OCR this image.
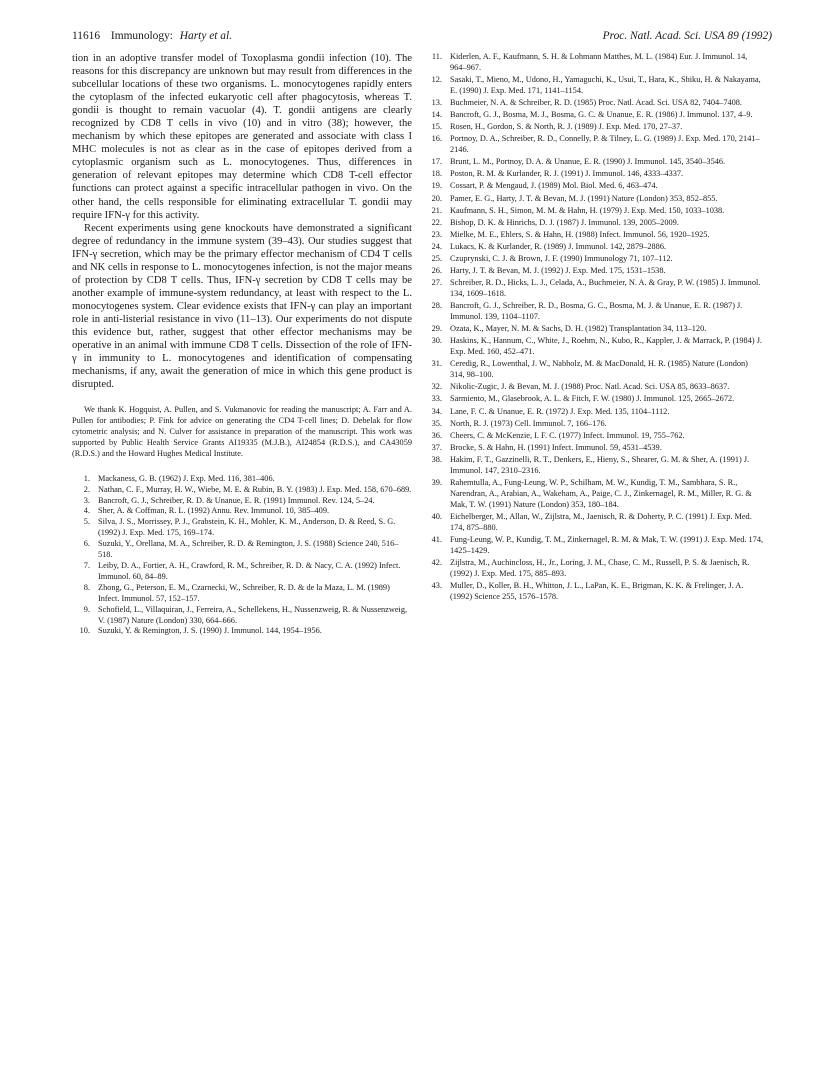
11616 Immunology: Harty et al.	Proc. Natl. Acad. Sci. USA 89 (1992)

tion in an adoptive transfer model of Toxoplasma gondii infection (10). The reasons for this discrepancy are unknown but may result from differences in the subcellular locations of these two organisms. L. monocytogenes rapidly enters the cytoplasm of the infected eukaryotic cell after phagocytosis, whereas T. gondii is thought to remain vacuolar (4). T. gondii antigens are clearly recognized by CD8 T cells in vivo (10) and in vitro (38); however, the mechanism by which these epitopes are generated and associate with class I MHC molecules is not as clear as in the case of epitopes derived from a cytoplasmic organism such as L. monocytogenes. Thus, differences in generation of relevant epitopes may determine which CD8 T-cell effector functions can protect against a specific intracellular pathogen in vivo. On the other hand, the cells responsible for eliminating extracellular T. gondii may require IFN-γ for this activity.

Recent experiments using gene knockouts have demonstrated a significant degree of redundancy in the immune system (39–43). Our studies suggest that IFN-γ secretion, which may be the primary effector mechanism of CD4 T cells and NK cells in response to L. monocytogenes infection, is not the major means of protection by CD8 T cells. Thus, IFN-γ secretion by CD8 T cells may be another example of immune-system redundancy, at least with respect to the L. monocytogenes system. Clear evidence exists that IFN-γ can play an important role in anti-listerial resistance in vivo (11–13). Our experiments do not dispute this evidence but, rather, suggest that other effector mechanisms may be operative in an animal with immune CD8 T cells. Dissection of the role of IFN-γ in immunity to L. monocytogenes and identification of compensating mechanisms, if any, await the generation of mice in which this gene product is disrupted.

We thank K. Hogquist, A. Pullen, and S. Vukmanovic for reading the manuscript; A. Farr and A. Pullen for antibodies; P. Fink for advice on generating the CD4 T-cell lines; D. Debelak for flow cytometric analysis; and N. Culver for assistance in preparation of the manuscript. This work was supported by Public Health Service Grants AI19335 (M.J.B.), AI24854 (R.D.S.), and CA43059 (R.D.S.) and the Howard Hughes Medical Institute.

1. Mackaness, G. B. (1962) J. Exp. Med. 116, 381–406.
2. Nathan, C. F., Murray, H. W., Wiebe, M. E. & Rubin, B. Y. (1983) J. Exp. Med. 158, 670–689.
3. Bancroft, G. J., Schreiber, R. D. & Unanue, E. R. (1991) Immunol. Rev. 124, 5–24.
4. Sher, A. & Coffman, R. L. (1992) Annu. Rev. Immunol. 10, 385–409.
5. Silva, J. S., Morrissey, P. J., Grabstein, K. H., Mohler, K. M., Anderson, D. & Reed, S. G. (1992) J. Exp. Med. 175, 169–174.
6. Suzuki, Y., Orellana, M. A., Schreiber, R. D. & Remington, J. S. (1988) Science 240, 516–518.
7. Leiby, D. A., Fortier, A. H., Crawford, R. M., Schreiber, R. D. & Nacy, C. A. (1992) Infect. Immunol. 60, 84–89.
8. Zhong, G., Peterson, E. M., Czarnecki, W., Schreiber, R. D. & de la Maza, L. M. (1989) Infect. Immunol. 57, 152–157.
9. Schofield, L., Villaquiran, J., Ferreira, A., Schellekens, H., Nussenzweig, R. & Nussenzweig, V. (1987) Nature (London) 330, 664–666.
10. Suzuki, Y. & Remington, J. S. (1990) J. Immunol. 144, 1954–1956.
11. Kiderlen, A. F., Kaufmann, S. H. & Lohmann Matthes, M. L. (1984) Eur. J. Immunol. 14, 964–967.
12. Sasaki, T., Mieno, M., Udono, H., Yamaguchi, K., Usui, T., Hara, K., Shiku, H. & Nakayama, E. (1990) J. Exp. Med. 171, 1141–1154.
13. Buchmeier, N. A. & Schreiber, R. D. (1985) Proc. Natl. Acad. Sci. USA 82, 7404–7408.
14. Bancroft, G. J., Bosma, M. J., Bosma, G. C. & Unanue, E. R. (1986) J. Immunol. 137, 4–9.
15. Rosen, H., Gordon, S. & North, R. J. (1989) J. Exp. Med. 170, 27–37.
16. Portnoy, D. A., Schreiber, R. D., Connelly, P. & Tilney, L. G. (1989) J. Exp. Med. 170, 2141–2146.
17. Brunt, L. M., Portnoy, D. A. & Unanue, E. R. (1990) J. Immunol. 145, 3540–3546.
18. Poston, R. M. & Kurlander, R. J. (1991) J. Immunol. 146, 4333–4337.
19. Cossart, P. & Mengaud, J. (1989) Mol. Biol. Med. 6, 463–474.
20. Pamer, E. G., Harty, J. T. & Bevan, M. J. (1991) Nature (London) 353, 852–855.
21. Kaufmann, S. H., Simon, M. M. & Hahn, H. (1979) J. Exp. Med. 150, 1033–1038.
22. Bishop, D. K. & Hinrichs, D. J. (1987) J. Immunol. 139, 2005–2009.
23. Mielke, M. E., Ehlers, S. & Hahn, H. (1988) Infect. Immunol. 56, 1920–1925.
24. Lukacs, K. & Kurlander, R. (1989) J. Immunol. 142, 2879–2886.
25. Czuprynski, C. J. & Brown, J. F. (1990) Immunology 71, 107–112.
26. Harty, J. T. & Bevan, M. J. (1992) J. Exp. Med. 175, 1531–1538.
27. Schreiber, R. D., Hicks, L. J., Celada, A., Buchmeier, N. A. & Gray, P. W. (1985) J. Immunol. 134, 1609–1618.
28. Bancroft, G. J., Schreiber, R. D., Bosma, G. C., Bosma, M. J. & Unanue, E. R. (1987) J. Immunol. 139, 1104–1107.
29. Ozata, K., Mayer, N. M. & Sachs, D. H. (1982) Transplantation 34, 113–120.
30. Haskins, K., Hannum, C., White, J., Roehm, N., Kubo, R., Kappler, J. & Marrack, P. (1984) J. Exp. Med. 160, 452–471.
31. Ceredig, R., Lowenthal, J. W., Nabholz, M. & MacDonald, H. R. (1985) Nature (London) 314, 98–100.
32. Nikolic-Zugic, J. & Bevan, M. J. (1988) Proc. Natl. Acad. Sci. USA 85, 8633–8637.
33. Sarmiento, M., Glasebrook, A. L. & Fitch, F. W. (1980) J. Immunol. 125, 2665–2672.
34. Lane, F. C. & Unanue, E. R. (1972) J. Exp. Med. 135, 1104–1112.
35. North, R. J. (1973) Cell. Immunol. 7, 166–176.
36. Cheers, C. & McKenzie, I. F. C. (1977) Infect. Immunol. 19, 755–762.
37. Brocke, S. & Hahn, H. (1991) Infect. Immunol. 59, 4531–4539.
38. Hakim, F. T., Gazzinelli, R. T., Denkers, E., Hieny, S., Shearer, G. M. & Sher, A. (1991) J. Immunol. 147, 2310–2316.
39. Rahemtulla, A., Fung-Leung, W. P., Schilham, M. W., Kundig, T. M., Sambhara, S. R., Narendran, A., Arabian, A., Wakeham, A., Paige, C. J., Zinkernagel, R. M., Miller, R. G. & Mak, T. W. (1991) Nature (London) 353, 180–184.
40. Eichelberger, M., Allan, W., Zijlstra, M., Jaenisch, R. & Doherty, P. C. (1991) J. Exp. Med. 174, 875–880.
41. Fung-Leung, W. P., Kundig, T. M., Zinkernagel, R. M. & Mak, T. W. (1991) J. Exp. Med. 174, 1425–1429.
42. Zijlstra, M., Auchincloss, H., Jr., Loring, J. M., Chase, C. M., Russell, P. S. & Jaenisch, R. (1992) J. Exp. Med. 175, 885–893.
43. Muller, D., Koller, B. H., Whitton, J. L., LaPan, K. E., Brigman, K. K. & Frelinger, J. A. (1992) Science 255, 1576–1578.
